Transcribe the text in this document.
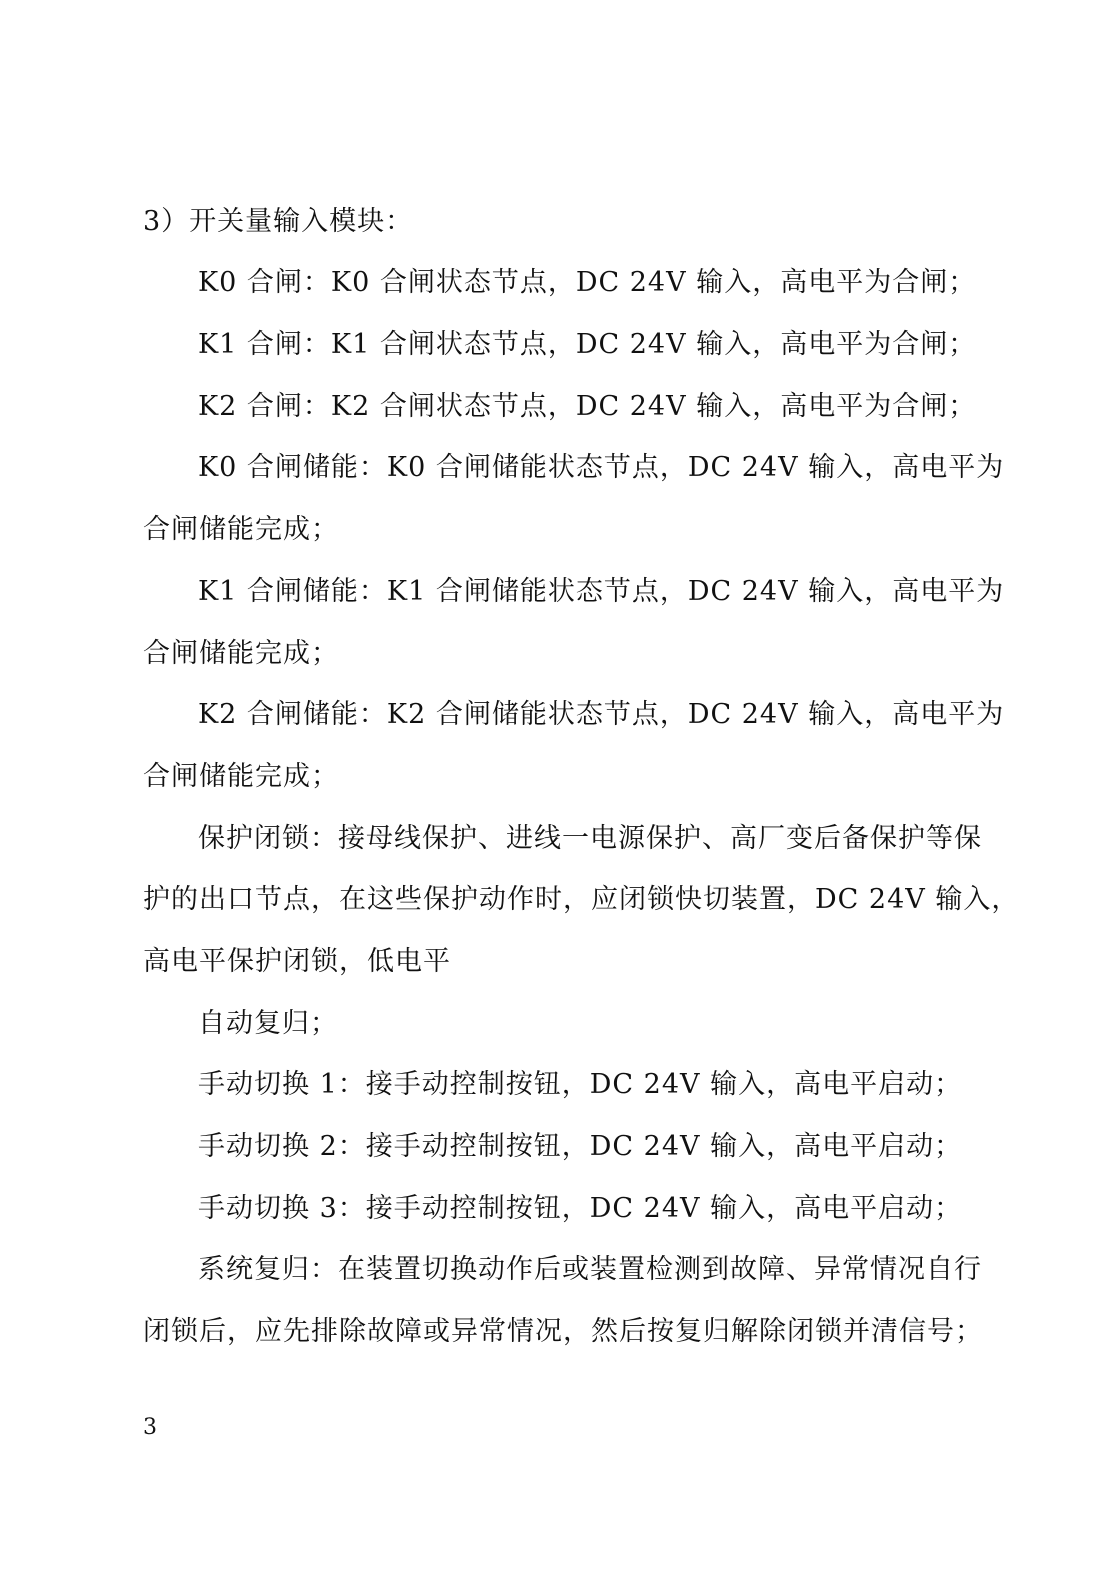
3）开关量输入模块：
K0 合闸：K0 合闸状态节点，DC 24V 输入，高电平为合闸；
K1 合闸：K1 合闸状态节点，DC 24V 输入，高电平为合闸；
K2 合闸：K2 合闸状态节点，DC 24V 输入，高电平为合闸；
K0 合闸储能：K0 合闸储能状态节点，DC 24V 输入，高电平为
合闸储能完成；
K1 合闸储能：K1 合闸储能状态节点，DC 24V 输入，高电平为
合闸储能完成；
K2 合闸储能：K2 合闸储能状态节点，DC 24V 输入，高电平为
合闸储能完成；
保护闭锁：接母线保护、进线一电源保护、高厂变后备保护等保
护的出口节点，在这些保护动作时，应闭锁快切装置，DC 24V 输入，
高电平保护闭锁，低电平
自动复归；
手动切换 1：接手动控制按钮，DC 24V 输入，高电平启动；
手动切换 2：接手动控制按钮，DC 24V 输入，高电平启动；
手动切换 3：接手动控制按钮，DC 24V 输入，高电平启动；
系统复归：在装置切换动作后或装置检测到故障、异常情况自行
闭锁后，应先排除故障或异常情况，然后按复归解除闭锁并清信号；
3
